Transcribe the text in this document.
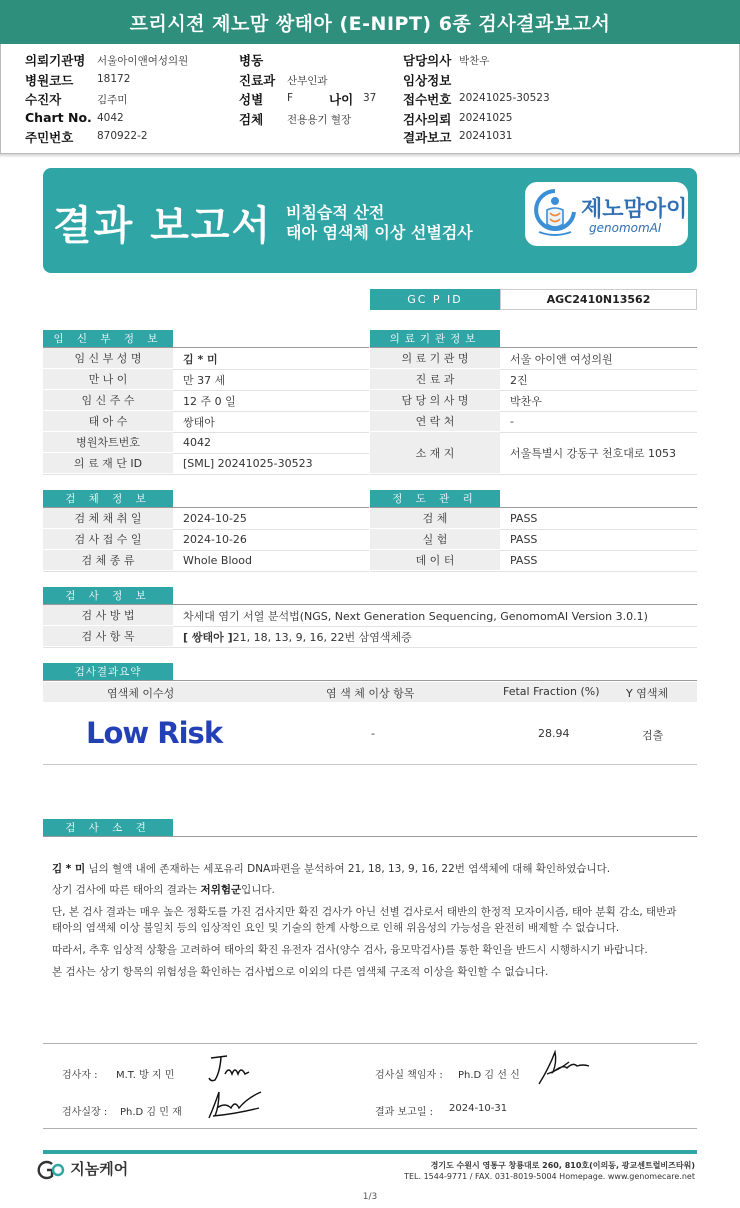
프리시젼 제노맘 쌍태아 (E-NIPT) 6종 검사결과보고서
의뢰기관명 서울아이앤여성의원
병원코드 18172
수진자	김주미
Chart No. 4042
주민번호 870922-2
병동
진료과 산부인과
성별 F	나이 37
검체 전용용기 혈장
담당의사 박찬우
임상정보
접수번호 20241025-30523
검사의뢰 20241025
결과보고 20241031
결과 보고서 비침습적 산전
태아 염색체 이상 선별검사
제노맘아이
genomomAI
GC P ID	AGC2410N13562
임 신 부 정 보	의료기관정보
임 신 부 성 명	김 * 미
만 나 이	만 37 세
임 신 주 수	12 주 0 일
태 아 수	쌍태아
병원차트번호	4042
의 료 재 단 ID	[SML] 20241025-30523
의 료 기 관 명	서울 아이앤 여성의원
진 료 과	2진
담 당 의 사 명	박찬우
연 락 처	-
소 재 지	서울특별시 강동구 천호대로 1053
검 체 정 보	정 도 관 리
검 체 채 취 일	2024-10-25
검 사 접 수 일	2024-10-26
검 체 종 류	Whole Blood
검 체	PASS
실 험	PASS
데 이 터	PASS
검 사 정 보
검 사 방 법	차세대 염기 서열 분석법(NGS, Next Generation Sequencing, GenomomAI Version 3.0.1)
검 사 항 목	[ 쌍태아 ] 21, 18, 13, 9, 16, 22번 삼염색체증
검사결과요약
염색체 이수성	염 색 체 이상 항목	Fetal Fraction (%) Y 염색체
Low Risk	-	28.94	검출
검 사 소 견
김 * 미 님의 혈액 내에 존재하는 세포유리 DNA파편을 분석하여 21, 18, 13, 9, 16, 22번 염색체에 대해 확인하였습니다.
상기 검사에 따른 태아의 결과는 저위험군입니다.
단, 본 검사 결과는 매우 높은 정확도를 가진 검사지만 확진 검사가 아닌 선별 검사로서 태반의 한정적 모자이시즘, 태아 분획 감소, 태반과
태아의 염색체 이상 불일치 등의 임상적인 요인 및 기술의 한계 사항으로 인해 위음성의 가능성을 완전히 배제할 수 없습니다.
따라서, 추후 임상적 상황을 고려하여 태아의 확진 유전자 검사(양수 검사, 융모막검사)를 통한 확인을 반드시 시행하시기 바랍니다.
본 검사는 상기 항목의 위험성을 확인하는 검사법으로 이외의 다른 염색체 구조적 이상을 확인할 수 없습니다.
검사자 : M.T. 방 지 민	검사실 책임자 : Ph.D 김 선 신
검사실장 : Ph.D 김 민 재	결과 보고일 : 2024-10-31
지놈케어	경기도 수원시 영통구 창룡대로 260, 810호(이의동, 광교센트럴비즈타워)
TEL. 1544-9771 / FAX. 031-8019-5004 Homepage. www.genomecare.net
1/3
